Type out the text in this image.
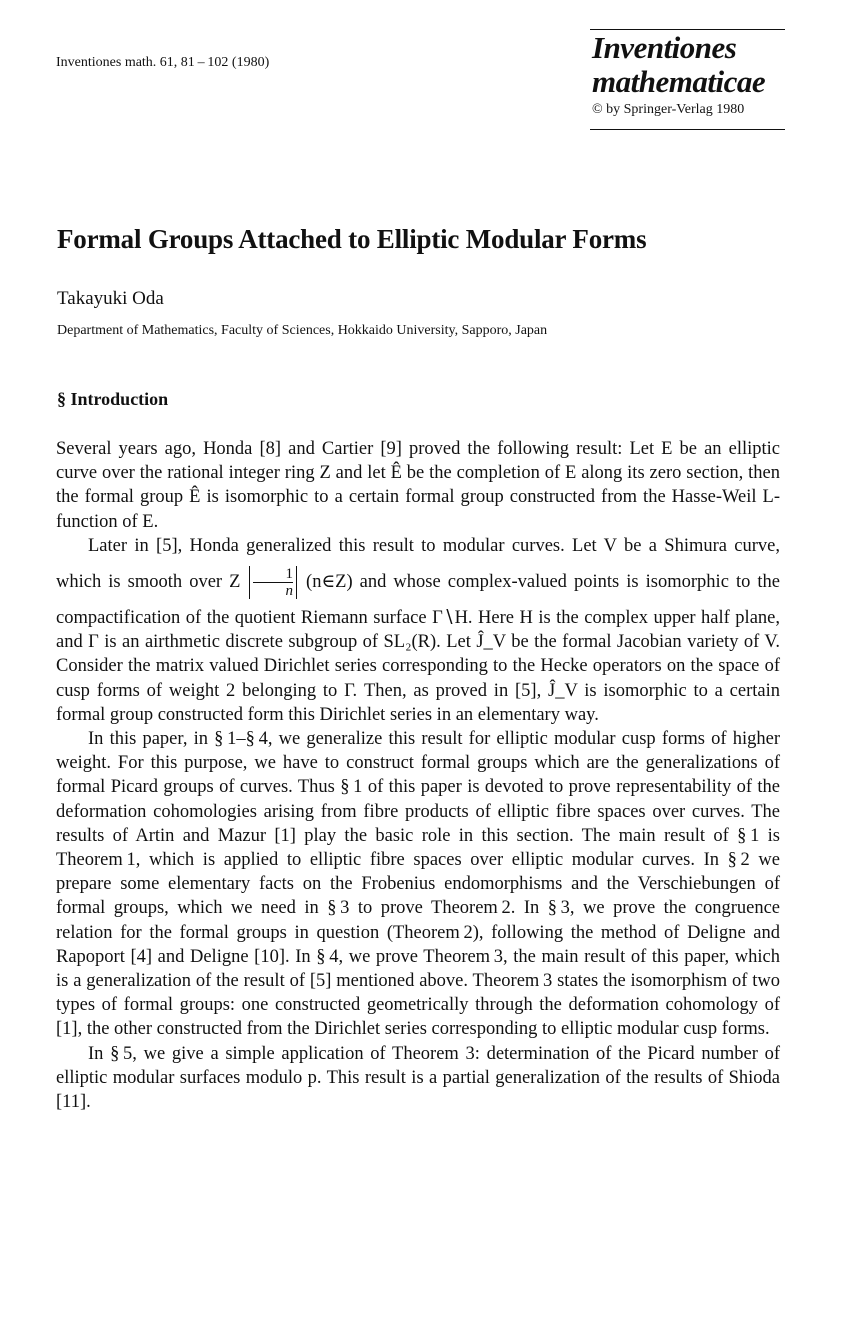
Inventiones math. 61, 81 – 102 (1980)	Inventiones
mathematicae
© by Springer-Verlag 1980
Formal Groups Attached to Elliptic Modular Forms
Takayuki Oda
Department of Mathematics, Faculty of Sciences, Hokkaido University, Sapporo, Japan
§ Introduction

Several years ago, Honda [8] and Cartier [9] proved the following result: Let E be an elliptic curve over the rational integer ring Z and let Ê be the completion of E along its zero section, then the formal group Ê is isomorphic to a certain formal group constructed from the Hasse-Weil L-function of E.

Later in [5], Honda generalized this result to modular curves. Let V be a Shimura curve, which is smooth over Z $\frac{1}{n}$ (n∈Z) and whose complex-valued points is isomorphic to the compactification of the quotient Riemann surface Γ∖H. Here H is the complex upper half plane, and Γ is an airthmetic discrete subgroup of SL₂(R). Let Ĵ_V be the formal Jacobian variety of V. Consider the matrix valued Dirichlet series corresponding to the Hecke operators on the space of cusp forms of weight 2 belonging to Γ. Then, as proved in [5], Ĵ_V is isomorphic to a certain formal group constructed form this Dirichlet series in an elementary way.

In this paper, in § 1–§ 4, we generalize this result for elliptic modular cusp forms of higher weight. For this purpose, we have to construct formal groups which are the generalizations of formal Picard groups of curves. Thus § 1 of this paper is devoted to prove representability of the deformation cohomologies arising from fibre products of elliptic fibre spaces over curves. The results of Artin and Mazur [1] play the basic role in this section. The main result of § 1 is Theorem 1, which is applied to elliptic fibre spaces over elliptic modular curves. In § 2 we prepare some elementary facts on the Frobenius endomorphisms and the Verschiebungen of formal groups, which we need in § 3 to prove Theorem 2. In § 3, we prove the congruence relation for the formal groups in question (Theorem 2), following the method of Deligne and Rapoport [4] and Deligne [10]. In § 4, we prove Theorem 3, the main result of this paper, which is a generalization of the result of [5] mentioned above. Theorem 3 states the isomorphism of two types of formal groups: one constructed geometrically through the deformation cohomology of [1], the other constructed from the Dirichlet series corresponding to elliptic modular cusp forms.

In § 5, we give a simple application of Theorem 3: determination of the Picard number of elliptic modular surfaces modulo p. This result is a partial generalization of the results of Shioda [11].
